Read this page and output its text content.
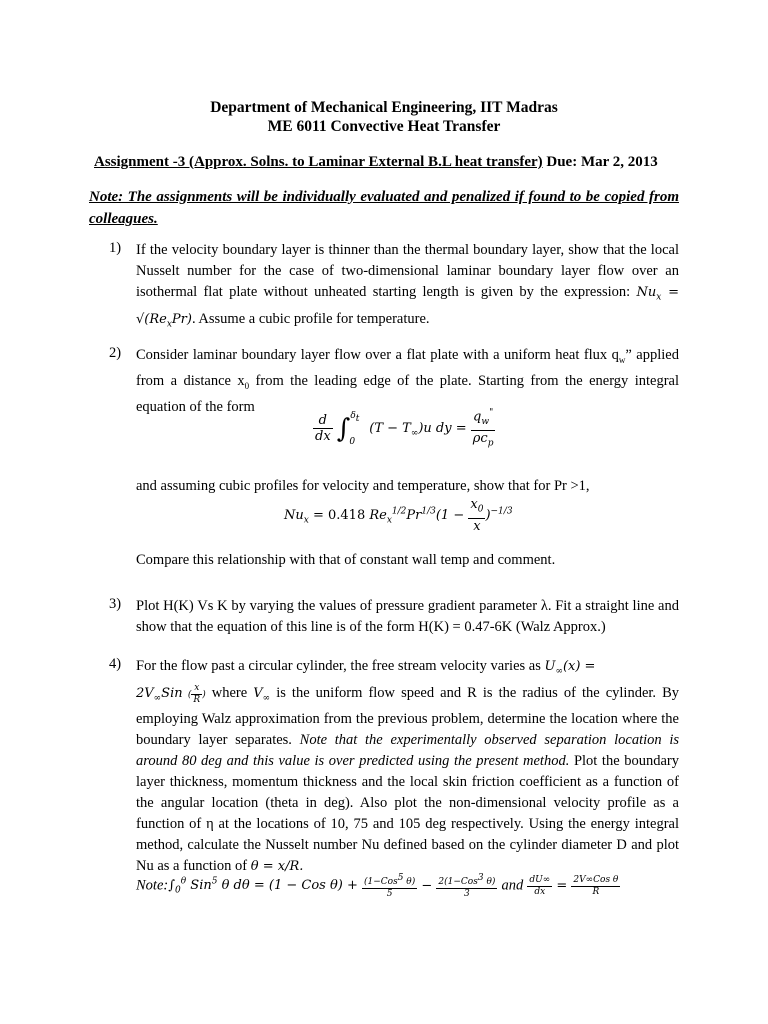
Department of Mechanical Engineering, IIT Madras
ME 6011 Convective Heat Transfer
Assignment -3 (Approx. Solns. to Laminar External B.L heat transfer) Due: Mar 2, 2013
Note: The assignments will be individually evaluated and penalized if found to be copied from colleagues.
1) If the velocity boundary layer is thinner than the thermal boundary layer, show that the local Nusselt number for the case of two-dimensional laminar boundary layer flow over an isothermal flat plate without unheated starting length is given by the expression: $Nu_x = √(Re_xPr)$. Assume a cubic profile for temperature.
2) Consider laminar boundary layer flow over a flat plate with a uniform heat flux $q_w$” applied from a distance $x_0$ from the leading edge of the plate. Starting from the energy integral equation of the form
$\frac{d}{dx} \int^{\delta_t}_0$ $(T - T_\infty)u$ dy = $\frac{q_w^"}{\rho c_p}$
and assuming cubic profiles for velocity and temperature, show that for Pr >1,
$Nu_x = 0.418$ $Re_x^{1/2}Pr^{1/3}(1 - \frac{x_0}{x} )^{-1/3}$
Compare this relationship with that of constant wall temp and comment.
3) Plot H(K) Vs K by varying the values of pressure gradient parameter λ. Fit a straight line and show that the equation of this line is of the form H(K) = 0.47-6K (Walz Approx.)
4) For the flow past a circular cylinder, the free stream velocity varies as $U_\infty(x)$ =

$2V_\infty Sin$ ( $\frac{x}{R}$ ) where $V_\infty$ is the uniform flow speed and R is the radius of the cylinder. By employing Walz approximation from the previous problem, determine the location where the boundary layer separates. Note that the experimentally observed separation location is around 80 deg and this value is over predicted using the present method. Plot the boundary layer thickness, momentum thickness and the local skin friction coefficient as a function of the angular location (theta in deg). Also plot the non-dimensional velocity profile as a function of η at the locations of 10, 75 and 105 deg respectively. Using the energy integral method, calculate the Nusselt number Nu defined based on the cylinder diameter D and plot Nu as a function of θ = x/R.

$Note:\int_0^\theta$ Sin$^5$ θ dθ = (1 − Cos $\theta) + \frac{(1-Cos^5 \theta)}{5} - \frac{2(1-Cos^3 \theta)}{3}$ and $\frac{dU\infty}{dx} = \frac{\text{2V∞Cos θ}}{R}$
